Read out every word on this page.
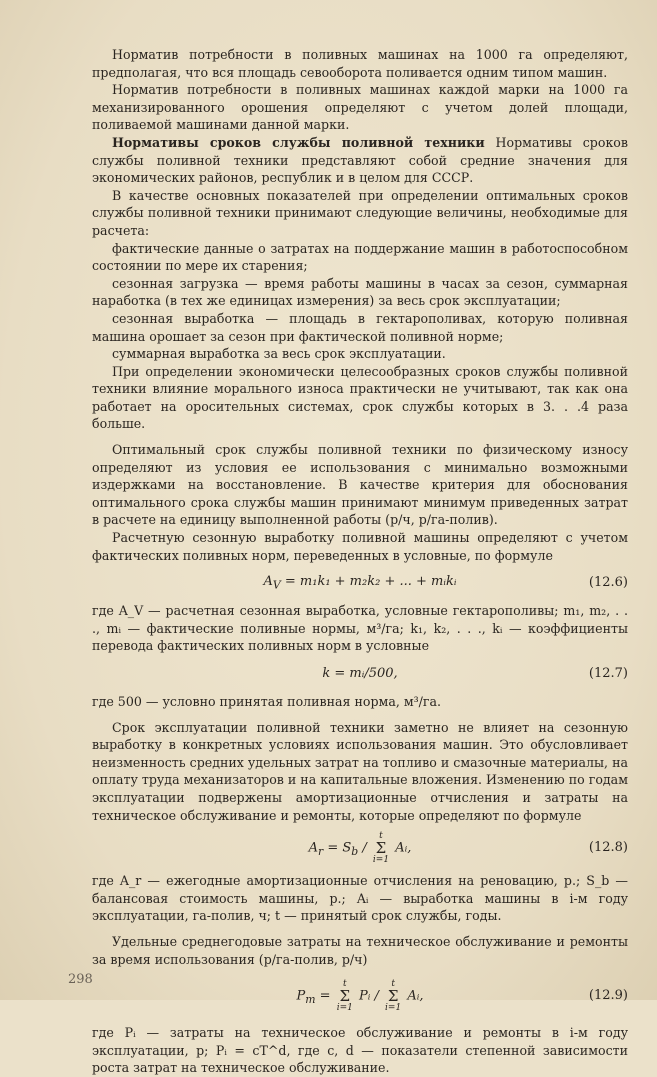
Норматив потребности в поливных машинах на 1000 га определяют, предполагая, что вся площадь севооборота поливается одним типом машин.

Норматив потребности в поливных машинах каждой марки на 1000 га механизированного орошения определяют с учетом долей площади, поливаемой машинами данной марки.

Нормативы сроков службы поливной техники Нормативы сроков службы поливной техники представляют собой средние значения для экономических районов, республик и в целом для СССР.

В качестве основных показателей при определении оптимальных сроков службы поливной техники принимают следующие величины, необходимые для расчета:

фактические данные о затратах на поддержание машин в работоспособном состоянии по мере их старения;

сезонная загрузка — время работы машины в часах за сезон, суммарная наработка (в тех же единицах измерения) за весь срок эксплуатации;

сезонная выработка — площадь в гектарополивах, которую поливная машина орошает за сезон при фактической поливной норме;

суммарная выработка за весь срок эксплуатации.

При определении экономически целесообразных сроков службы поливной техники влияние морального износа практически не учитывают, так как она работает на оросительных системах, срок службы которых в 3. . .4 раза больше.

Оптимальный срок службы поливной техники по физическому износу определяют из условия ее использования с минимально возможными издержками на восстановление. В качестве критерия для обоснования оптимального срока службы машин принимают минимум приведенных затрат в расчете на единицу выполненной работы (р/ч, р/га-полив).

Расчетную сезонную выработку поливной машины определяют с учетом фактических поливных норм, переведенных в условные, по формуле

$A_V = m_1k_1 + m_2k_2$ + ... + mᵢkᵢ	(12.6)

где A_V — расчетная сезонная выработка, условные гектарополивы; m₁, m₂, . . ., mᵢ — фактические поливные нормы, м³/га; k₁, k₂, . . ., kᵢ — коэффициенты перевода фактических поливных норм в условные

k = mᵢ/500,	(12.7)

где 500 — условно принятая поливная норма, м³/га.

Срок эксплуатации поливной техники заметно не влияет на сезонную выработку в конкретных условиях использования машин. Это обусловливает неизменность средних удельных затрат на топливо и смазочные материалы, на оплату труда механизаторов и на капитальные вложения. Изменению по годам эксплуатации подвержены амортизационные отчисления и затраты на техническое обслуживание и ремонты, которые определяют по формуле

$A_r = S_b$ /
t
Σ
i=1
Aᵢ,	(12.8)

где A_r — ежегодные амортизационные отчисления на реновацию, р.; S_b — балансовая стоимость машины, р.; Aᵢ — выработка машины в i-м году эксплуатации, га-полив, ч; t — принятый срок службы, годы.

Удельные среднегодовые затраты на техническое обслуживание и ремонты за время использования (р/га-полив, р/ч)

$P_m$ =
t
Σ
i=1
Pᵢ /
t
Σ
i=1
Aᵢ,	(12.9)

где Pᵢ — затраты на техническое обслуживание и ремонты в i-м году эксплуатации, р; Pᵢ = cT^d, где c, d — показатели степенной зависимости роста затрат на техническое обслуживание.

298
